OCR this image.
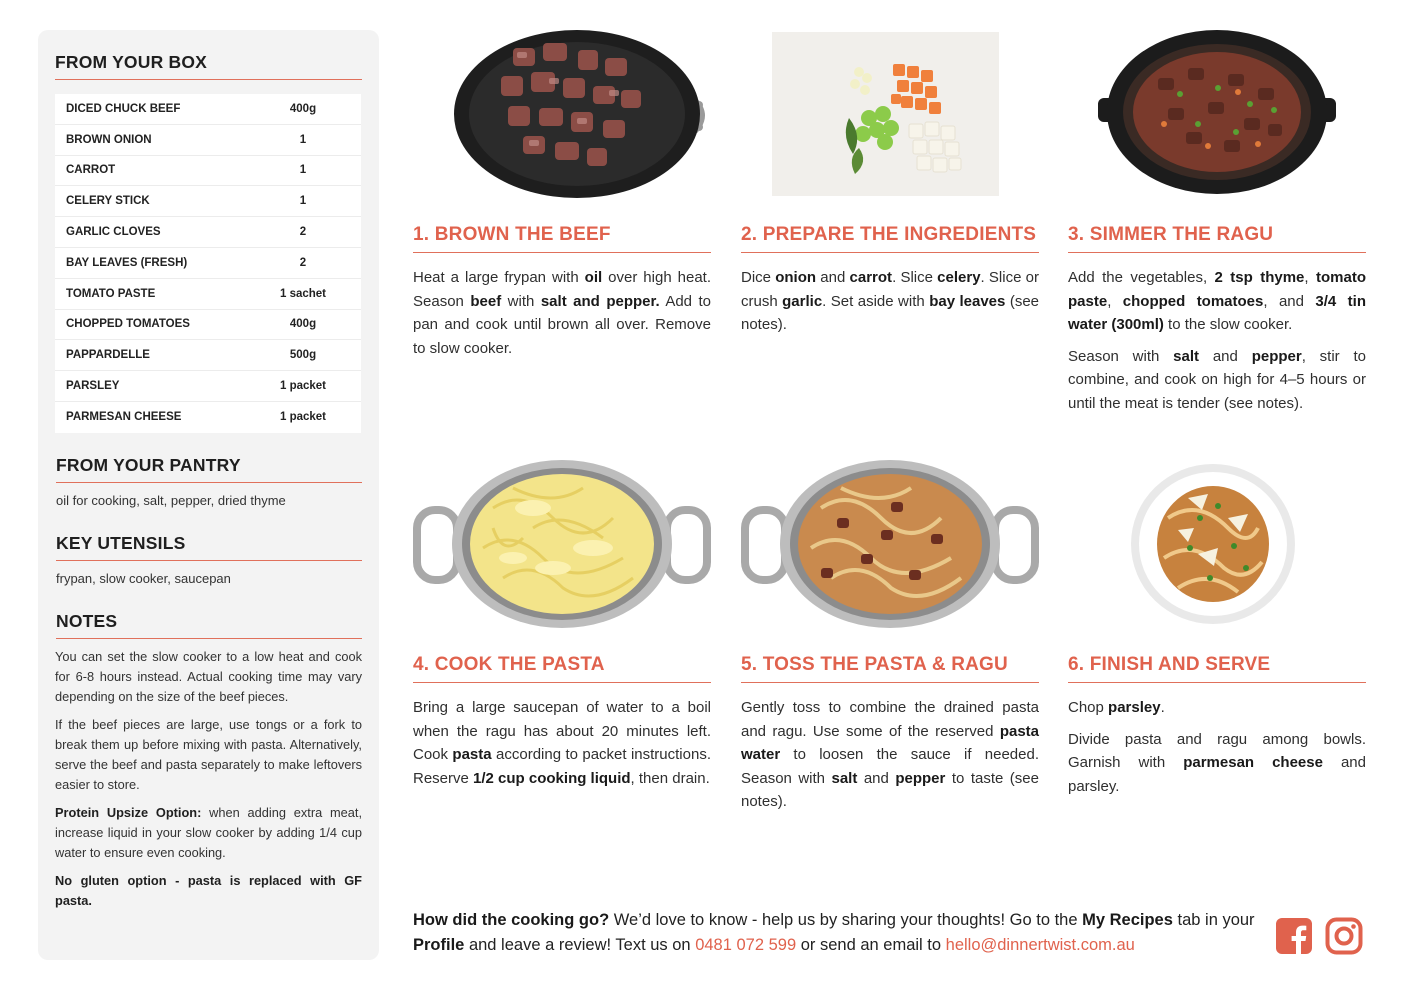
FROM YOUR BOX
DICED CHUCK BEEF	400g
BROWN ONION	1
CARROT	1
CELERY STICK	1
GARLIC CLOVES	2
BAY LEAVES (FRESH)	2
TOMATO PASTE	1 sachet
CHOPPED TOMATOES	400g
PAPPARDELLE	500g
PARSLEY	1 packet
PARMESAN CHEESE	1 packet
FROM YOUR PANTRY
oil for cooking, salt, pepper, dried thyme
KEY UTENSILS
frypan, slow cooker, saucepan
NOTES

You can set the slow cooker to a low heat and cook for 6-8 hours instead. Actual cooking time may vary depending on the size of the beef pieces.

If the beef pieces are large, use tongs or a fork to break them up before mixing with pasta. Alternatively, serve the beef and pasta separately to make leftovers easier to store.

Protein Upsize Option: when adding extra meat, increase liquid in your slow cooker by adding 1/4 cup water to ensure even cooking.

No gluten option - pasta is replaced with GF pasta.

1. BROWN THE BEEF	2. PREPARE THE INGREDIENTS 3. SIMMER THE RAGU
4. COOK THE PASTA	5. TOSS THE PASTA & RAGU	6. FINISH AND SERVE

Heat a large frypan with oil over high heat. Season beef with salt and pepper. Add to pan and cook until brown all over. Remove to slow cooker.

Dice onion and carrot. Slice celery. Slice or crush garlic. Set aside with bay leaves (see notes).

Add the vegetables, 2 tsp thyme, tomato paste, chopped tomatoes, and 3/4 tin water (300ml) to the slow cooker.

Season with salt and pepper, stir to combine, and cook on high for 4–5 hours or until the meat is tender (see notes).

Bring a large saucepan of water to a boil when the ragu has about 20 minutes left. Cook pasta according to packet instructions. Reserve 1/2 cup cooking liquid, then drain.

Gently toss to combine the drained pasta and ragu. Use some of the reserved pasta water to loosen the sauce if needed. Season with salt and pepper to taste (see notes).

Chop parsley.

Divide pasta and ragu among bowls. Garnish with parmesan cheese and parsley.

How did the cooking go? We’d love to know - help us by sharing your thoughts! Go to the My Recipes tab in your Profile and leave a review! Text us on 0481 072 599 or send an email to hello@dinnertwist.com.au
